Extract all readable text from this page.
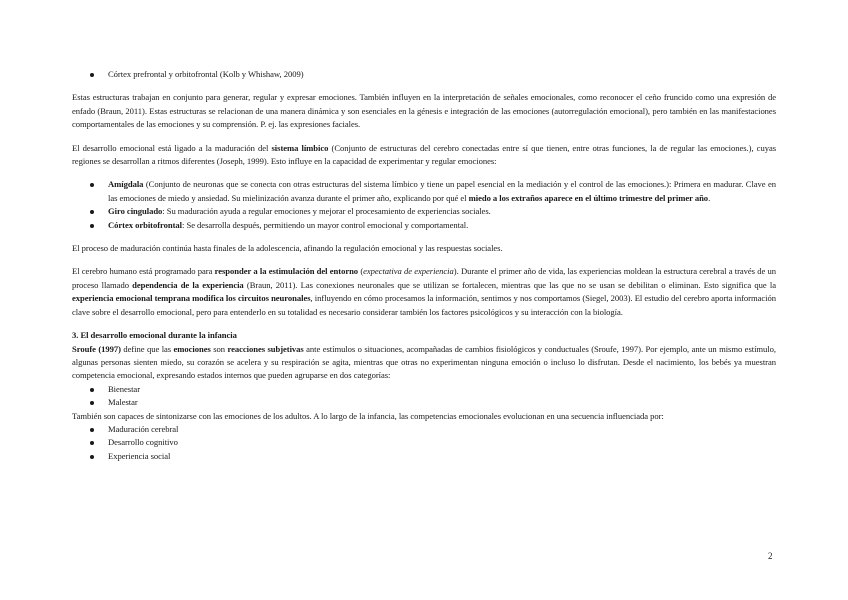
Córtex prefrontal y orbitofrontal (Kolb y Whishaw, 2009)

Estas estructuras trabajan en conjunto para generar, regular y expresar emociones. También influyen en la interpretación de señales emocionales, como reconocer el ceño fruncido como una expresión de enfado (Braun, 2011). Estas estructuras se relacionan de una manera dinámica y son esenciales en la génesis e integración de las emociones (autorregulación emocional), pero también en las manifestaciones comportamentales de las emociones y su comprensión. P. ej. las expresiones faciales.

El desarrollo emocional está ligado a la maduración del sistema límbico (Conjunto de estructuras del cerebro conectadas entre sí que tienen, entre otras funciones, la de regular las emociones.), cuyas regiones se desarrollan a ritmos diferentes (Joseph, 1999). Esto influye en la capacidad de experimentar y regular emociones:

Amígdala (Conjunto de neuronas que se conecta con otras estructuras del sistema límbico y tiene un papel esencial en la mediación y el control de las emociones.): Primera en madurar. Clave en las emociones de miedo y ansiedad. Su mielinización avanza durante el primer año, explicando por qué el miedo a los extraños aparece en el último trimestre del primer año.
Giro cingulado: Su maduración ayuda a regular emociones y mejorar el procesamiento de experiencias sociales.
Córtex orbitofrontal: Se desarrolla después, permitiendo un mayor control emocional y comportamental.

El proceso de maduración continúa hasta finales de la adolescencia, afinando la regulación emocional y las respuestas sociales.

El cerebro humano está programado para responder a la estimulación del entorno (expectativa de experiencia). Durante el primer año de vida, las experiencias moldean la estructura cerebral a través de un proceso llamado dependencia de la experiencia (Braun, 2011). Las conexiones neuronales que se utilizan se fortalecen, mientras que las que no se usan se debilitan o eliminan. Esto significa que la experiencia emocional temprana modifica los circuitos neuronales, influyendo en cómo procesamos la información, sentimos y nos comportamos (Siegel, 2003). El estudio del cerebro aporta información clave sobre el desarrollo emocional, pero para entenderlo en su totalidad es necesario considerar también los factores psicológicos y su interacción con la biología.

3. El desarrollo emocional durante la infancia

Sroufe (1997) define que las emociones son reacciones subjetivas ante estímulos o situaciones, acompañadas de cambios fisiológicos y conductuales (Sroufe, 1997). Por ejemplo, ante un mismo estímulo, algunas personas sienten miedo, su corazón se acelera y su respiración se agita, mientras que otras no experimentan ninguna emoción o incluso lo disfrutan. Desde el nacimiento, los bebés ya muestran competencia emocional, expresando estados internos que pueden agruparse en dos categorías:

Bienestar
Malestar

También son capaces de sintonizarse con las emociones de los adultos. A lo largo de la infancia, las competencias emocionales evolucionan en una secuencia influenciada por:

Maduración cerebral
Desarrollo cognitivo
Experiencia social
2
